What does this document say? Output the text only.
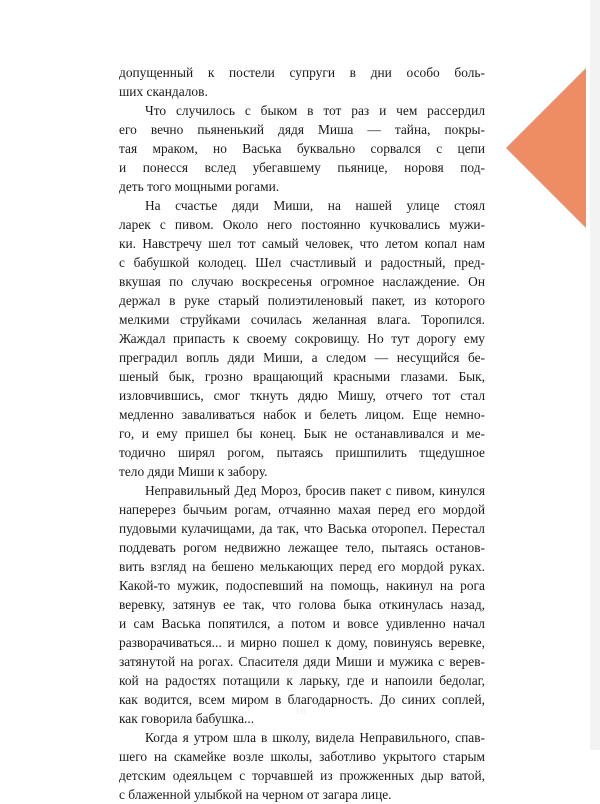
допущенный к постели супруги в дни особо боль-
ших скандалов.
Что случилось с быком в тот раз и чем рассердил
его вечно пьяненький дядя Миша — тайна, покры-
тая мраком, но Васька буквально сорвался с цепи
и понесся вслед убегавшему пьянице, норовя под-
деть того мощными рогами.
На счастье дяди Миши, на нашей улице стоял
ларек с пивом. Около него постоянно кучковались мужи-
ки. Навстречу шел тот самый человек, что летом копал нам
с бабушкой колодец. Шел счастливый и радостный, пред-
вкушая по случаю воскресенья огромное наслаждение. Он
держал в руке старый полиэтиленовый пакет, из которого
мелкими струйками сочилась желанная влага. Торопился.
Жаждал припасть к своему сокровищу. Но тут дорогу ему
преградил вопль дяди Миши, а следом — несущийся бе-
шеный бык, грозно вращающий красными глазами. Бык,
изловчившись, смог ткнуть дядю Мишу, отчего тот стал
медленно заваливаться набок и белеть лицом. Еще немно-
го, и ему пришел бы конец. Бык не останавливался и ме-
тодично ширял рогом, пытаясь пришпилить тщедушное
тело дяди Миши к забору.
Неправильный Дед Мороз, бросив пакет с пивом, кинулся
наперерез бычьим рогам, отчаянно махая перед его мордой
пудовыми кулачищами, да так, что Васька оторопел. Перестал
поддевать рогом недвижно лежащее тело, пытаясь останов-
вить взгляд на бешено мелькающих перед его мордой руках.
Какой-то мужик, подоспевший на помощь, накинул на рога
веревку, затянув ее так, что голова быка откинулась назад,
и сам Васька попятился, а потом и вовсе удивленно начал
разворачиваться... и мирно пошел к дому, повинуясь веревке,
затянутой на рогах. Спасителя дяди Миши и мужика с верев-
кой на радостях потащили к ларьку, где и напоили бедолаг,
как водится, всем миром в благодарность. До синих соплей,
как говорила бабушка...
Когда я утром шла в школу, видела Неправильного, спав-
шего на скамейке возле школы, заботливо укрытого старым
детским одеяльцем с торчавшей из прожженных дыр ватой,
с блаженной улыбкой на черном от загара лице.
16
